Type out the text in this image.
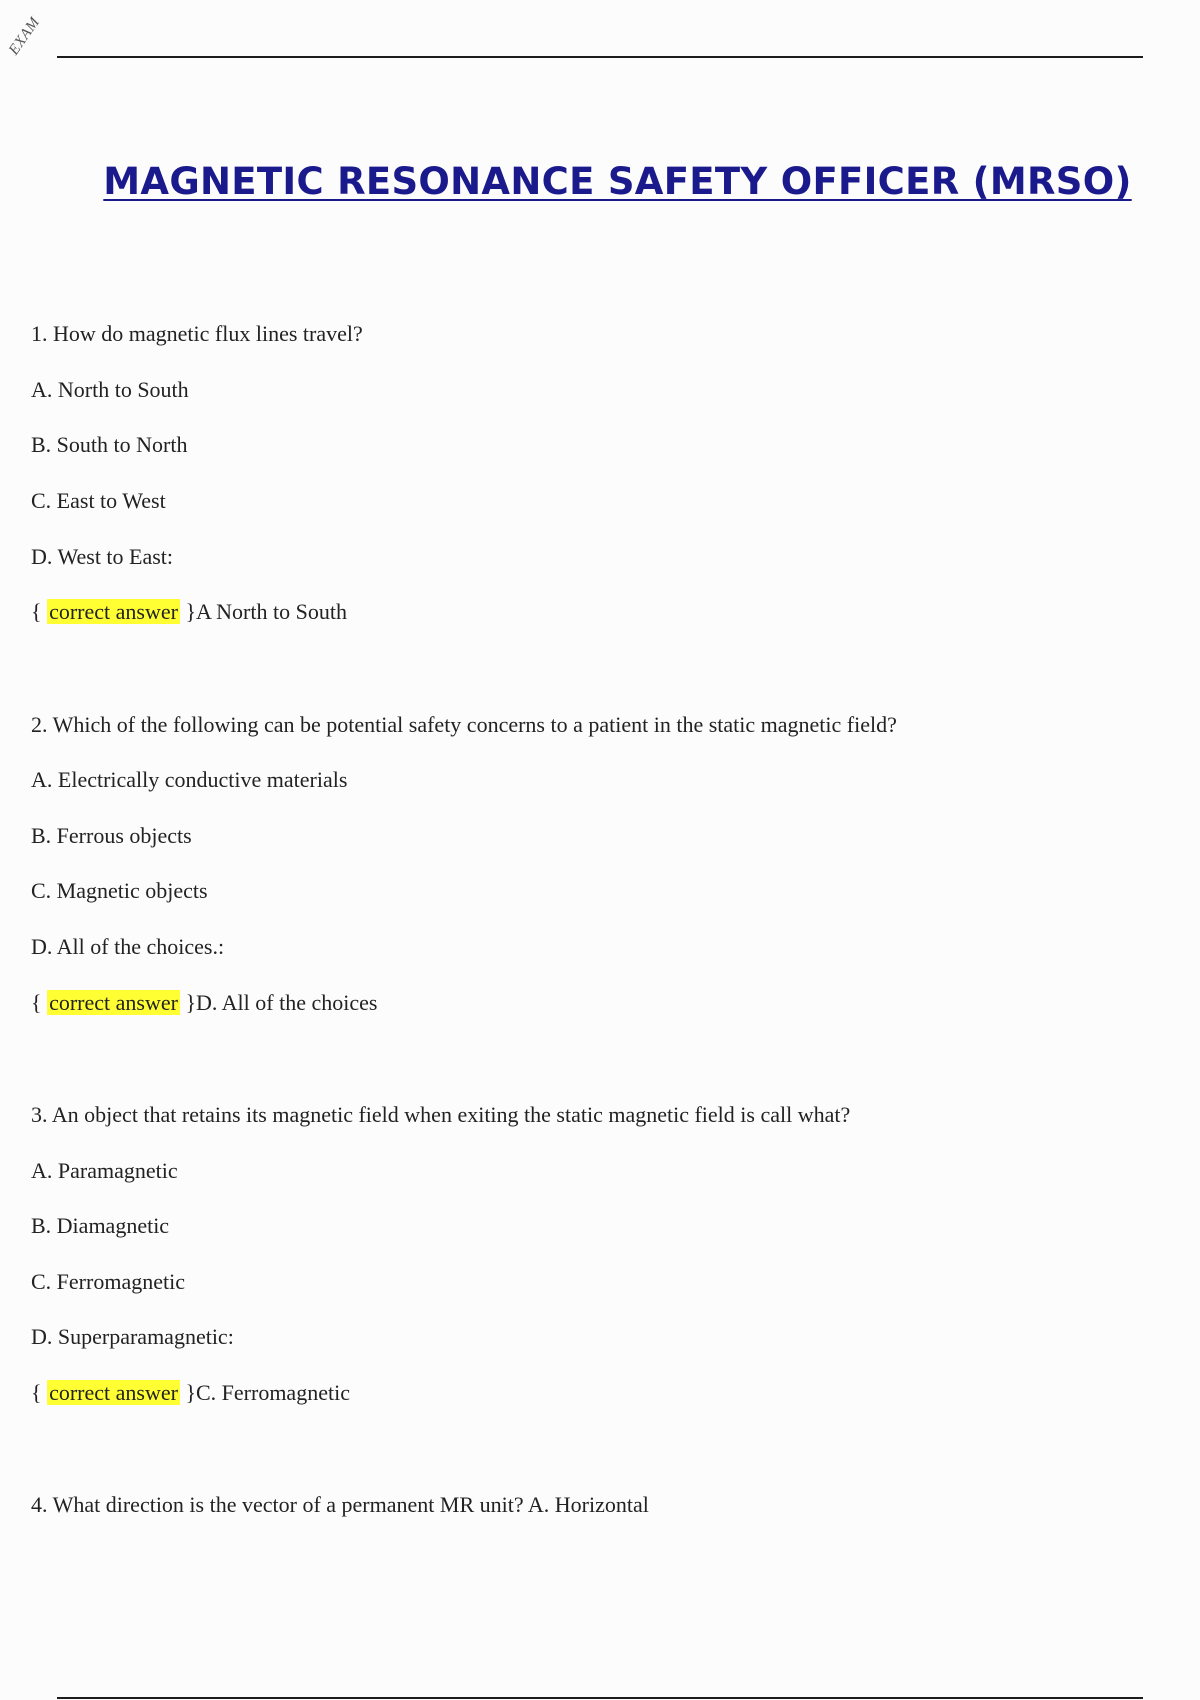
EXAM
MAGNETIC RESONANCE SAFETY OFFICER (MRSO)

1. How do magnetic flux lines travel?

A. North to South

B. South to North

C. East to West

D. West to East:

{ correct answer }A North to South

2. Which of the following can be potential safety concerns to a patient in the static magnetic field?

A. Electrically conductive materials

B. Ferrous objects

C. Magnetic objects

D. All of the choices.:

{ correct answer }D. All of the choices

3. An object that retains its magnetic field when exiting the static magnetic field is call what?

A. Paramagnetic

B. Diamagnetic

C. Ferromagnetic

D. Superparamagnetic:

{ correct answer }C. Ferromagnetic

4. What direction is the vector of a permanent MR unit? A. Horizontal
